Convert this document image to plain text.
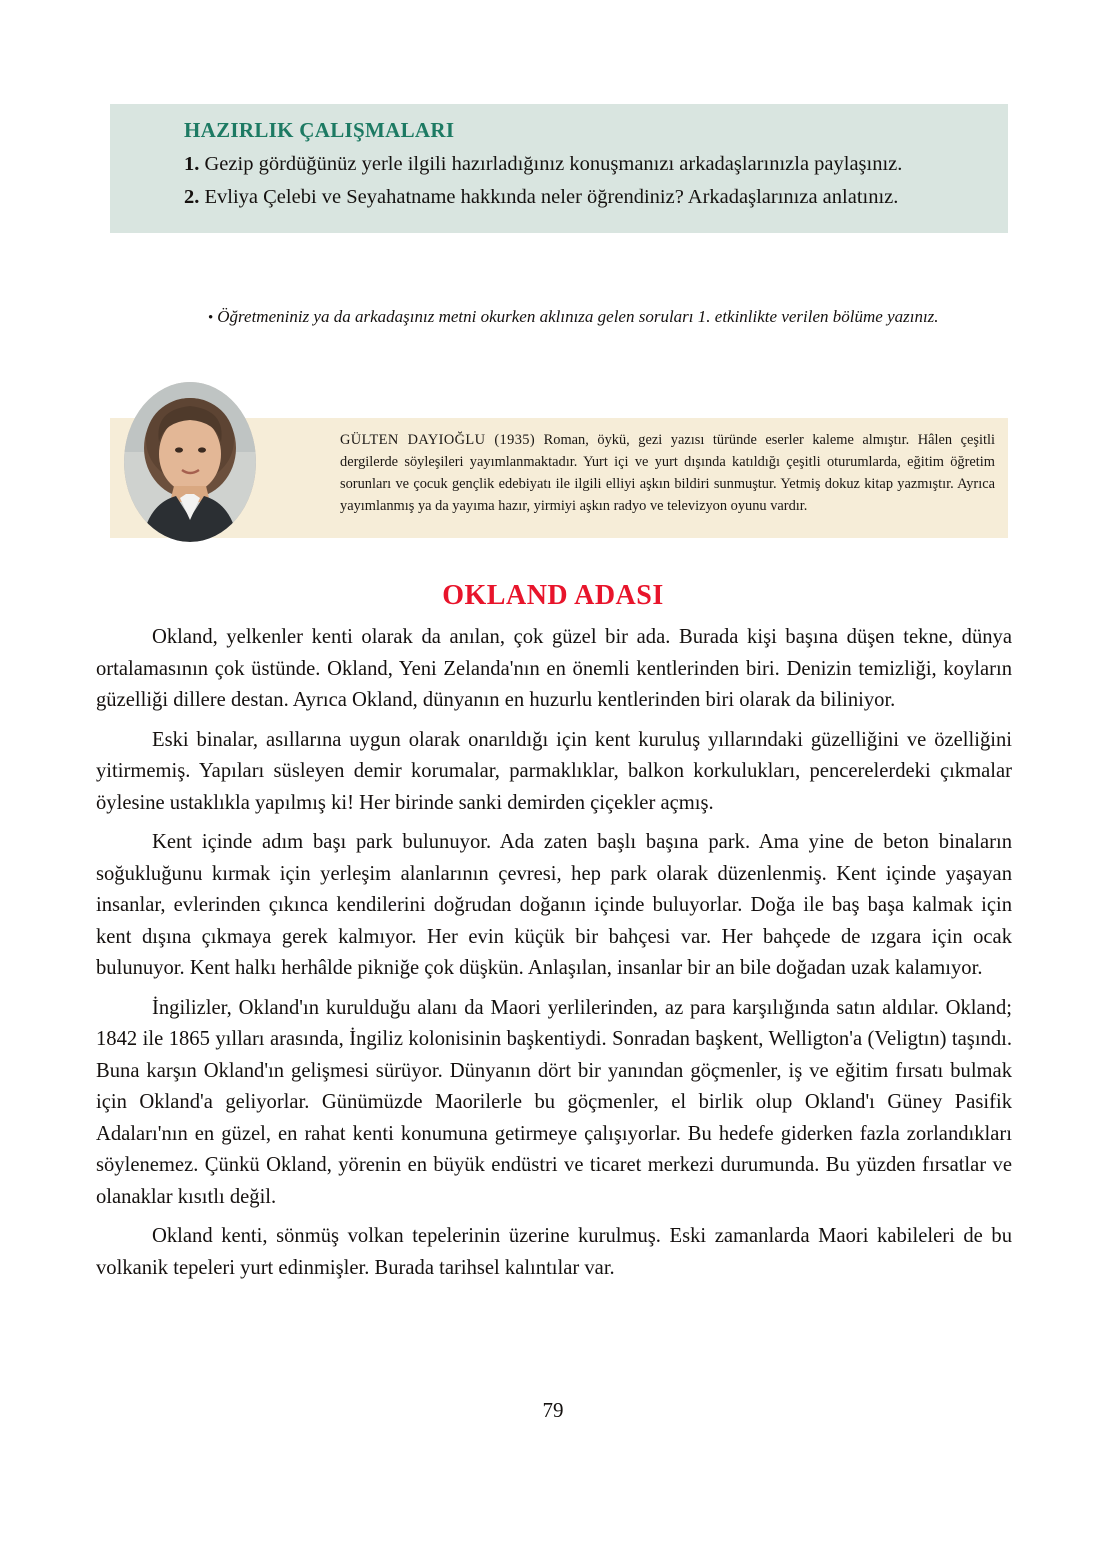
HAZIRLIK ÇALIŞMALARI

1. Gezip gördüğünüz yerle ilgili hazırladığınız konuşmanızı arkadaşlarınızla paylaşınız.

2. Evliya Çelebi ve Seyahatname hakkında neler öğrendiniz? Arkadaşlarınıza anlatınız.

• Öğretmeniniz ya da arkadaşınız metni okurken aklınıza gelen soruları 1. etkinlikte verilen bölüme yazınız.
GÜLTEN DAYIOĞLU (1935) Roman, öykü, gezi yazısı türünde eserler kaleme almıştır. Hâlen çeşitli dergilerde söyleşileri yayımlanmaktadır. Yurt içi ve yurt dışında katıldığı çeşitli oturumlarda, eğitim öğretim sorunları ve çocuk gençlik edebiyatı ile ilgili elliyi aşkın bildiri sunmuştur. Yetmiş dokuz kitap yazmıştır. Ayrıca yayımlanmış ya da yayıma hazır, yirmiyi aşkın radyo ve televizyon oyunu vardır.
OKLAND ADASI

Okland, yelkenler kenti olarak da anılan, çok güzel bir ada. Burada kişi başına düşen tekne, dünya ortalamasının çok üstünde. Okland, Yeni Zelanda'nın en önemli kentlerinden biri. Denizin temizliği, koyların güzelliği dillere destan. Ayrıca Okland, dünyanın en huzurlu kentlerinden biri olarak da biliniyor.

Eski binalar, asıllarına uygun olarak onarıldığı için kent kuruluş yıllarındaki güzelliğini ve özelliğini yitirmemiş. Yapıları süsleyen demir korumalar, parmaklıklar, balkon korkulukları, pencerelerdeki çıkmalar öylesine ustaklıkla yapılmış ki! Her birinde sanki demirden çiçekler açmış.

Kent içinde adım başı park bulunuyor. Ada zaten başlı başına park. Ama yine de beton binaların soğukluğunu kırmak için yerleşim alanlarının çevresi, hep park olarak düzenlenmiş. Kent içinde yaşayan insanlar, evlerinden çıkınca kendilerini doğrudan doğanın içinde buluyorlar. Doğa ile baş başa kalmak için kent dışına çıkmaya gerek kalmıyor. Her evin küçük bir bahçesi var. Her bahçede de ızgara için ocak bulunuyor. Kent halkı herhâlde pikniğe çok düşkün. Anlaşılan, insanlar bir an bile doğadan uzak kalamıyor.

İngilizler, Okland'ın kurulduğu alanı da Maori yerlilerinden, az para karşılığında satın aldılar. Okland; 1842 ile 1865 yılları arasında, İngiliz kolonisinin başkentiydi. Sonradan başkent, Welligton'a (Veligtın) taşındı. Buna karşın Okland'ın gelişmesi sürüyor. Dünyanın dört bir yanından göçmenler, iş ve eğitim fırsatı bulmak için Okland'a geliyorlar. Günümüzde Maorilerle bu göçmenler, el birlik olup Okland'ı Güney Pasifik Adaları'nın en güzel, en rahat kenti konumuna getirmeye çalışıyorlar. Bu hedefe giderken fazla zorlandıkları söylenemez. Çünkü Okland, yörenin en büyük endüstri ve ticaret merkezi durumunda. Bu yüzden fırsatlar ve olanaklar kısıtlı değil.

Okland kenti, sönmüş volkan tepelerinin üzerine kurulmuş. Eski zamanlarda Maori kabileleri de bu volkanik tepeleri yurt edinmişler. Burada tarihsel kalıntılar var.

79
